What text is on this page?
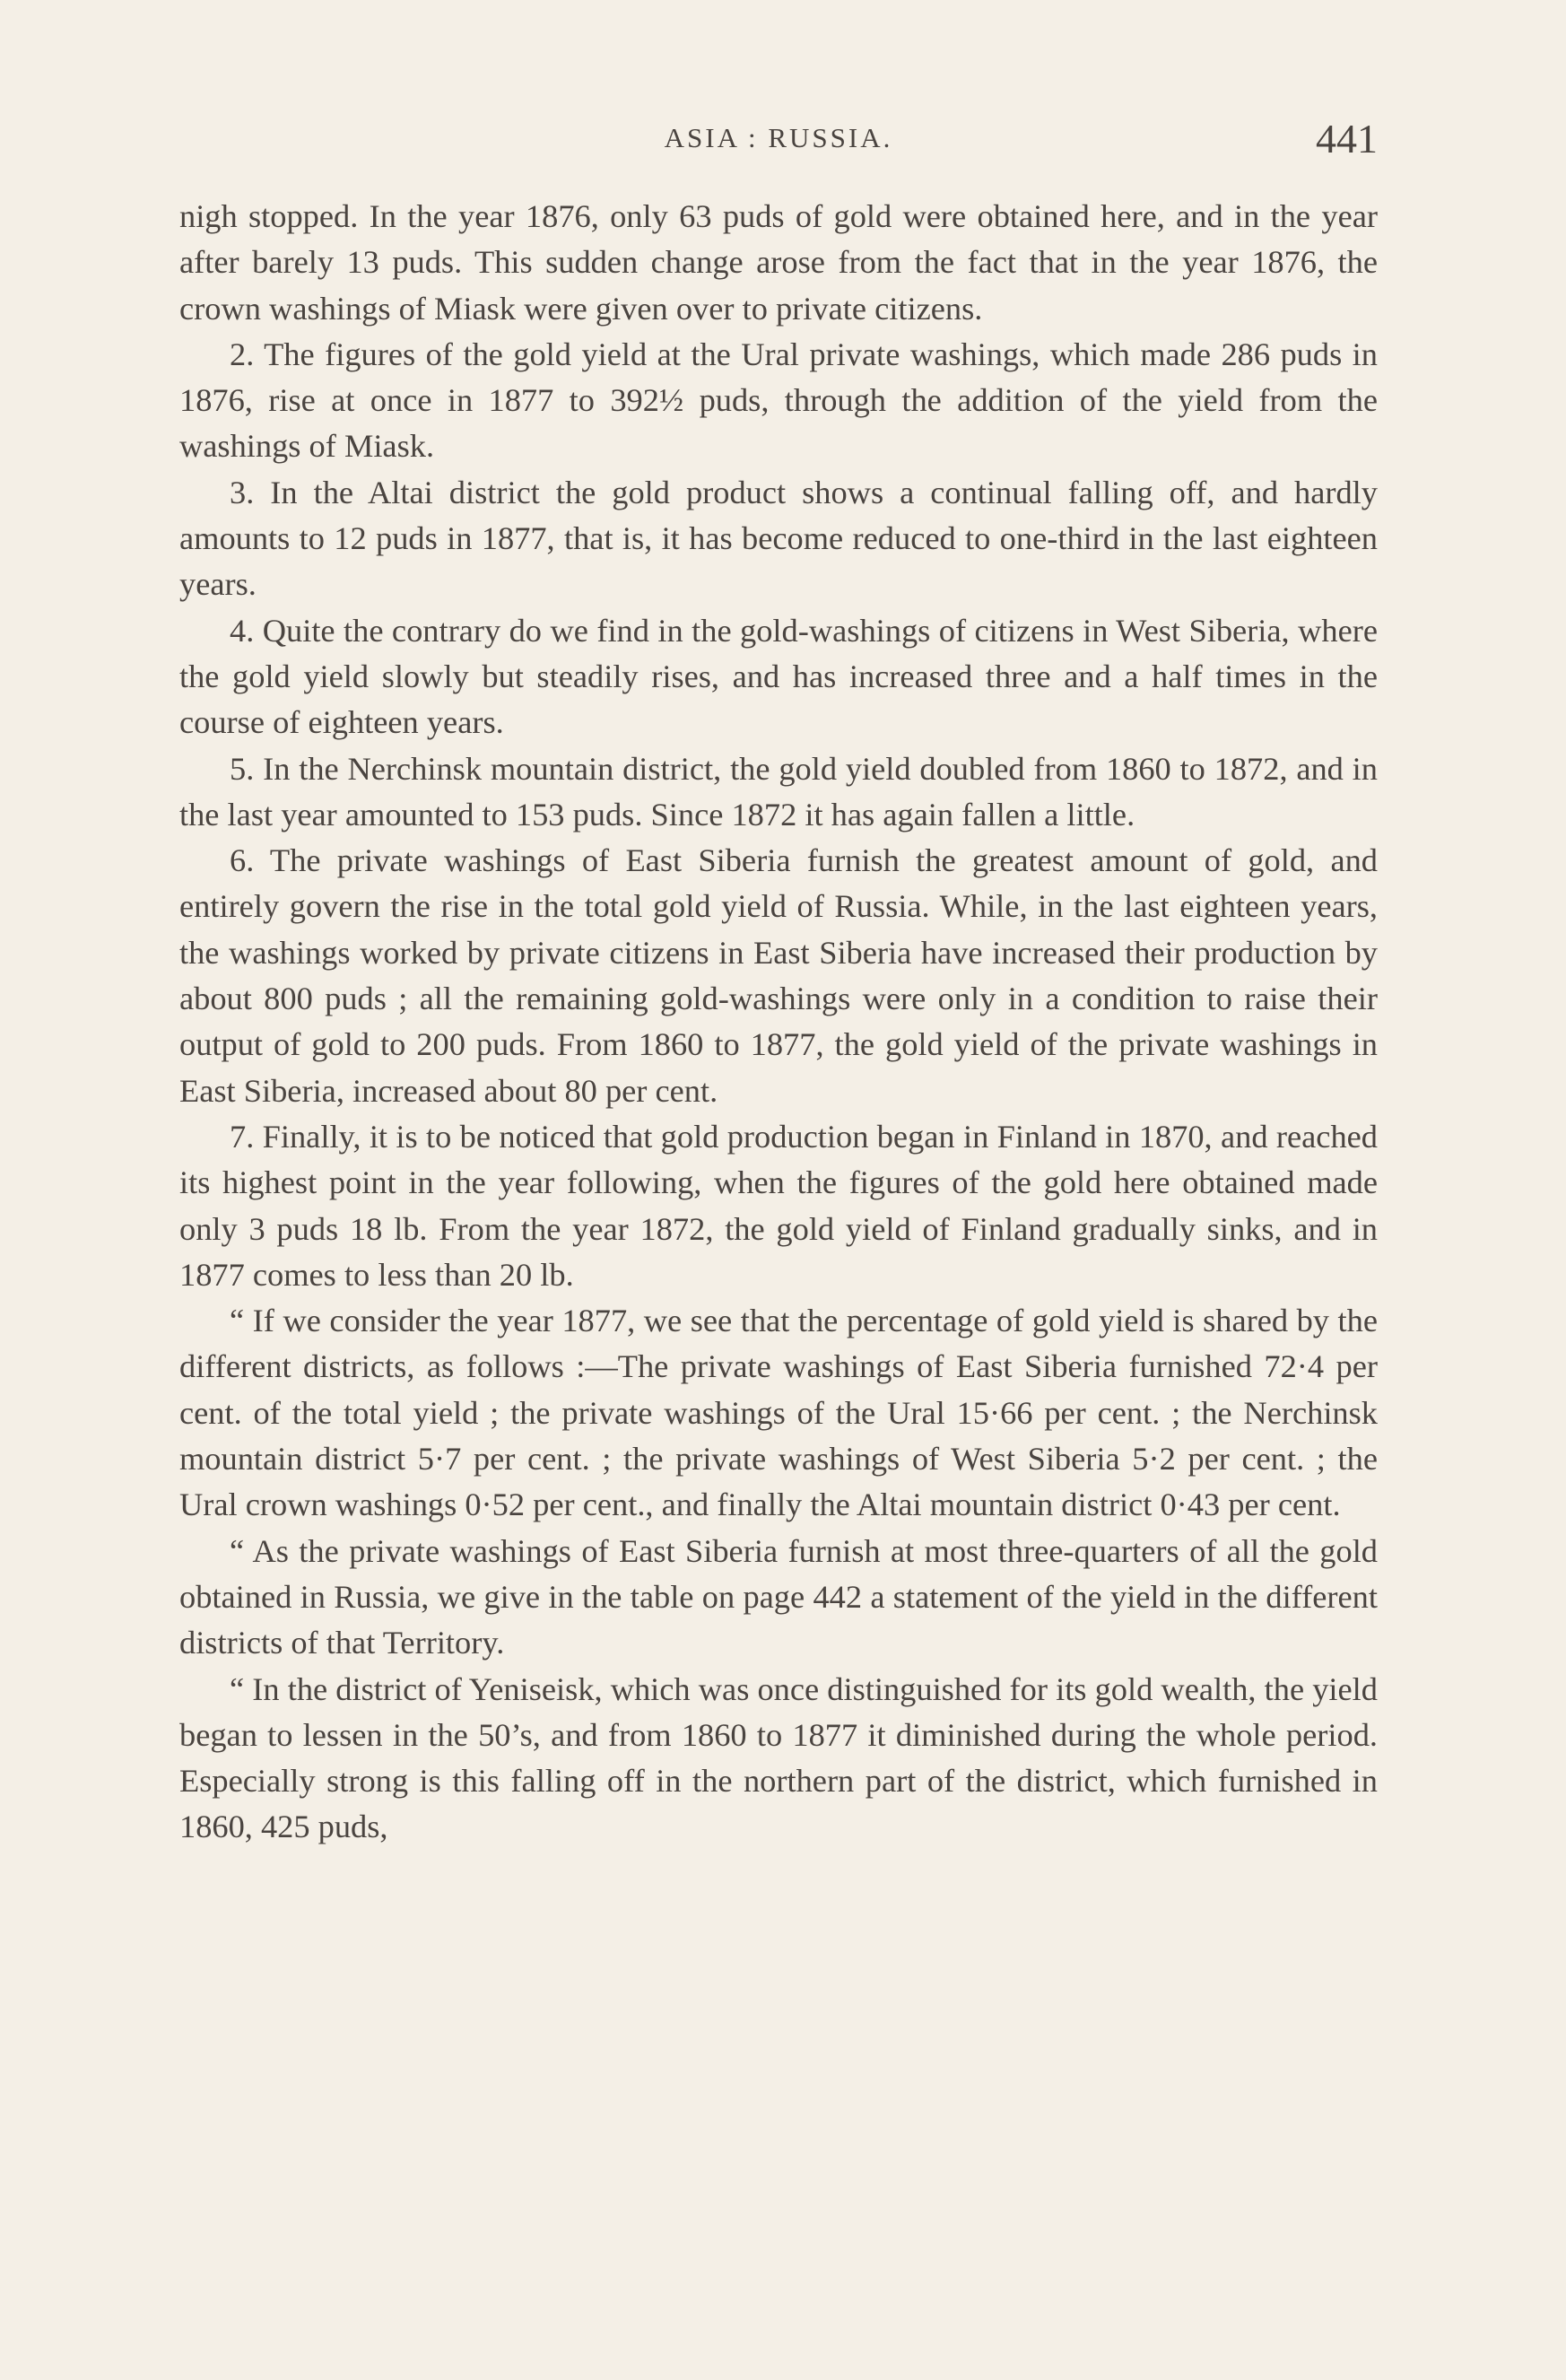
ASIA : RUSSIA.	441

nigh stopped. In the year 1876, only 63 puds of gold were obtained here, and in the year after barely 13 puds. This sudden change arose from the fact that in the year 1876, the crown washings of Miask were given over to private citizens.

2. The figures of the gold yield at the Ural private washings, which made 286 puds in 1876, rise at once in 1877 to 392½ puds, through the addition of the yield from the washings of Miask.

3. In the Altai district the gold product shows a continual falling off, and hardly amounts to 12 puds in 1877, that is, it has become reduced to one-third in the last eighteen years.

4. Quite the contrary do we find in the gold-washings of citizens in West Siberia, where the gold yield slowly but steadily rises, and has increased three and a half times in the course of eighteen years.

5. In the Nerchinsk mountain district, the gold yield doubled from 1860 to 1872, and in the last year amounted to 153 puds. Since 1872 it has again fallen a little.

6. The private washings of East Siberia furnish the greatest amount of gold, and entirely govern the rise in the total gold yield of Russia. While, in the last eighteen years, the washings worked by private citizens in East Siberia have increased their production by about 800 puds ; all the remaining gold-washings were only in a condition to raise their output of gold to 200 puds. From 1860 to 1877, the gold yield of the private washings in East Siberia, increased about 80 per cent.

7. Finally, it is to be noticed that gold production began in Finland in 1870, and reached its highest point in the year following, when the figures of the gold here obtained made only 3 puds 18 lb. From the year 1872, the gold yield of Finland gradually sinks, and in 1877 comes to less than 20 lb.

“ If we consider the year 1877, we see that the percentage of gold yield is shared by the different districts, as follows :—The private washings of East Siberia furnished 72·4 per cent. of the total yield ; the private washings of the Ural 15·66 per cent. ; the Nerchinsk mountain district 5·7 per cent. ; the private washings of West Siberia 5·2 per cent. ; the Ural crown washings 0·52 per cent., and finally the Altai mountain district 0·43 per cent.

“ As the private washings of East Siberia furnish at most three-quarters of all the gold obtained in Russia, we give in the table on page 442 a statement of the yield in the different districts of that Territory.

“ In the district of Yeniseisk, which was once distinguished for its gold wealth, the yield began to lessen in the 50’s, and from 1860 to 1877 it diminished during the whole period. Especially strong is this falling off in the northern part of the district, which furnished in 1860, 425 puds,
